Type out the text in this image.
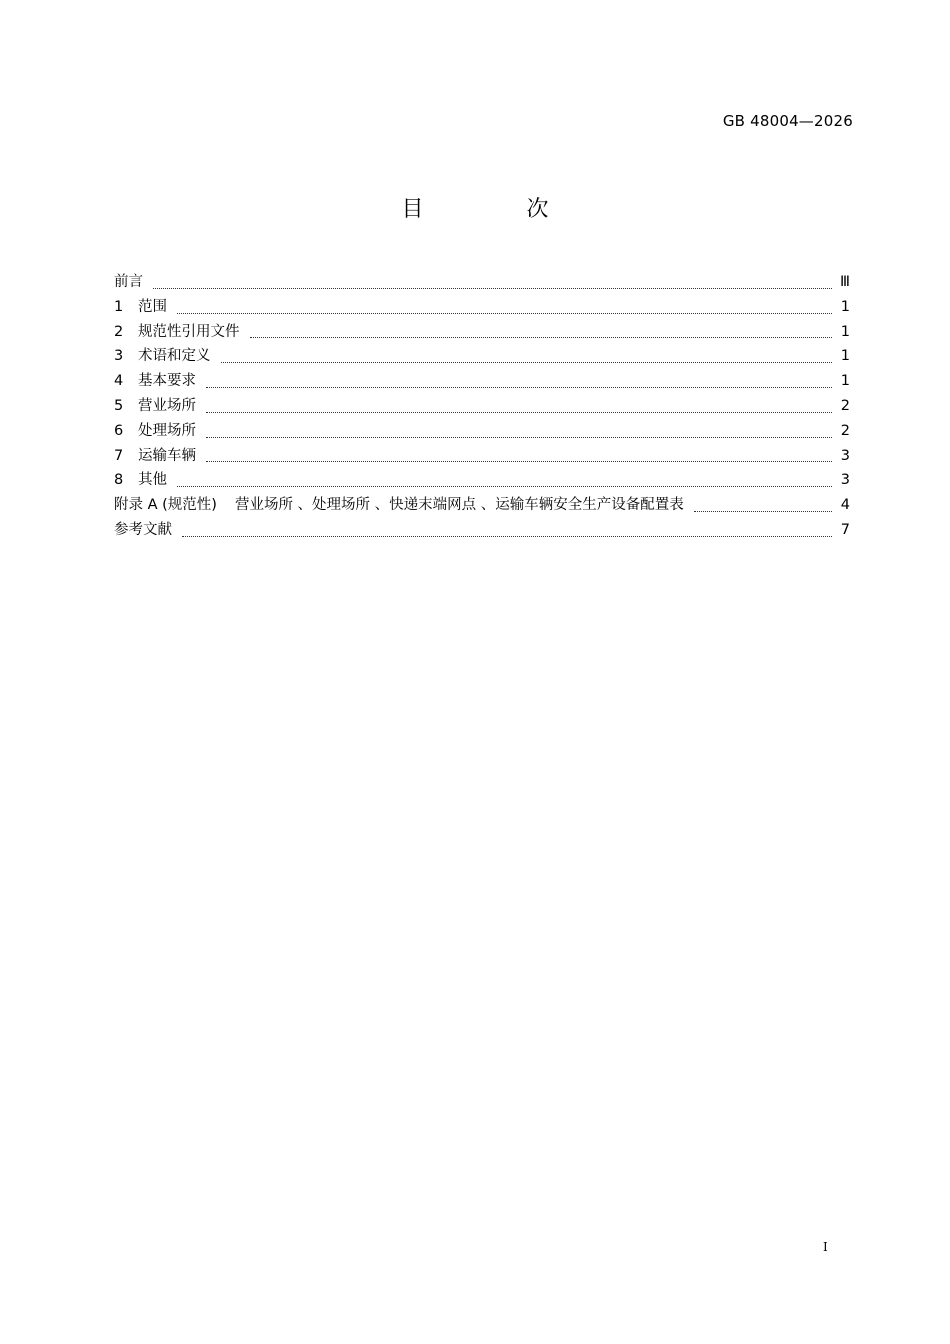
GB 48004—2026
目 次
前言	Ⅲ
1	范围	1
2	规范性引用文件	1
3	术语和定义	1
4	基本要求	1
5	营业场所	2
6	处理场所	2
7	运输车辆	3
8	其他	3
附录 A (规范性) 营业场所 、处理场所 、快递末端网点 、运输车辆安全生产设备配置表	4
参考文献	7
I
